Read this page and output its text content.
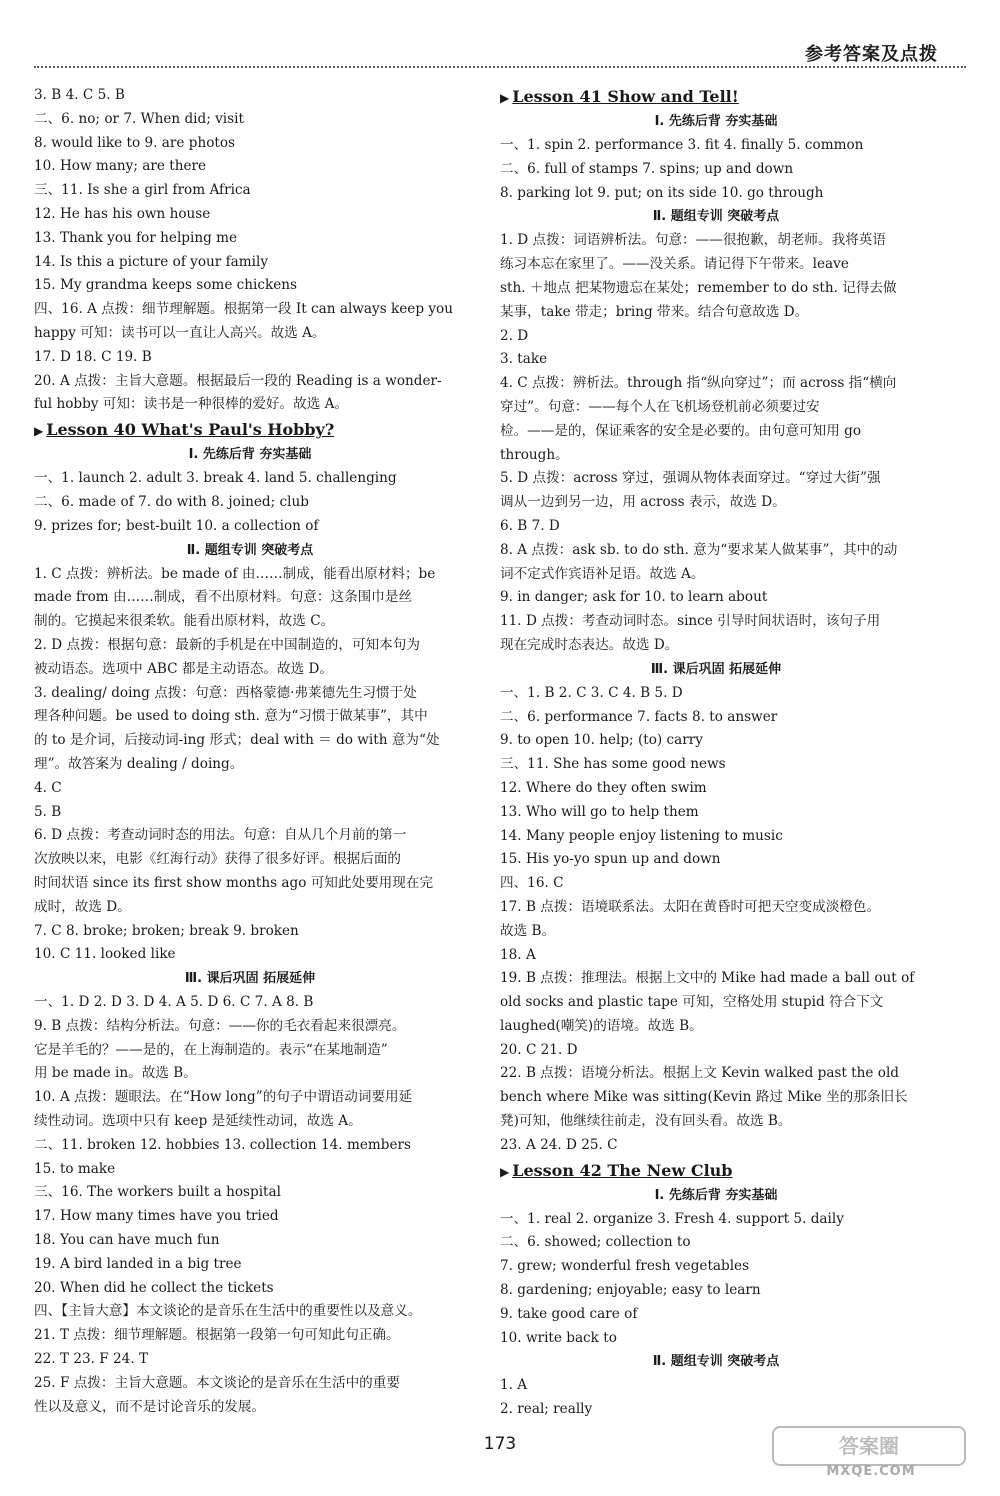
参考答案及点拨
3. B 4. C 5. B
二、6. no; or 7. When did; visit
8. would like to 9. are photos
10. How many; are there
三、11. Is she a girl from Africa
12. He has his own house
13. Thank you for helping me
14. Is this a picture of your family
15. My grandma keeps some chickens
四、16. A 点拨：细节理解题。根据第一段 It can always keep you
happy 可知：读书可以一直让人高兴。故选 A。
17. D 18. C 19. B
20. A 点拨：主旨大意题。根据最后一段的 Reading is a wonder-
ful hobby 可知：读书是一种很棒的爱好。故选 A。
▶ Lesson 40 What's Paul's Hobby?
Ⅰ. 先练后背 夯实基础
一、1. launch 2. adult 3. break 4. land 5. challenging
二、6. made of 7. do with 8. joined; club
9. prizes for; best-built 10. a collection of
Ⅱ. 题组专训 突破考点
1. C 点拨：辨析法。be made of 由……制成，能看出原材料；be
made from 由……制成，看不出原材料。句意：这条围巾是丝
制的。它摸起来很柔软。能看出原材料，故选 C。
2. D 点拨：根据句意：最新的手机是在中国制造的，可知本句为
被动语态。选项中 ABC 都是主动语态。故选 D。
3. dealing/ doing 点拨：句意：西格蒙德·弗莱德先生习惯于处
理各种问题。be used to doing sth. 意为“习惯于做某事”，其中
的 to 是介词，后接动词-ing 形式；deal with ＝ do with 意为“处
理”。故答案为 dealing / doing。
4. C
5. B
6. D 点拨：考查动词时态的用法。句意：自从几个月前的第一
次放映以来，电影《红海行动》获得了很多好评。根据后面的
时间状语 since its first show months ago 可知此处要用现在完
成时，故选 D。
7. C 8. broke; broken; break 9. broken
10. C 11. looked like
Ⅲ. 课后巩固 拓展延伸
一、1. D 2. D 3. D 4. A 5. D 6. C 7. A 8. B
9. B 点拨：结构分析法。句意：——你的毛衣看起来很漂亮。
它是羊毛的？——是的，在上海制造的。表示“在某地制造”
用 be made in。故选 B。
10. A 点拨：题眼法。在“How long”的句子中谓语动词要用延
续性动词。选项中只有 keep 是延续性动词，故选 A。
二、11. broken 12. hobbies 13. collection 14. members
15. to make
三、16. The workers built a hospital
17. How many times have you tried
18. You can have much fun
19. A bird landed in a big tree
20. When did he collect the tickets
四、【主旨大意】本文谈论的是音乐在生活中的重要性以及意义。
21. T 点拨：细节理解题。根据第一段第一句可知此句正确。
22. T 23. F 24. T
25. F 点拨：主旨大意题。本文谈论的是音乐在生活中的重要
性以及意义，而不是讨论音乐的发展。
▶ Lesson 41 Show and Tell!
Ⅰ. 先练后背 夯实基础
一、1. spin 2. performance 3. fit 4. finally 5. common
二、6. full of stamps 7. spins; up and down
8. parking lot 9. put; on its side 10. go through
Ⅱ. 题组专训 突破考点
1. D 点拨：词语辨析法。句意：——很抱歉，胡老师。我将英语
练习本忘在家里了。——没关系。请记得下午带来。leave
sth. ＋地点 把某物遗忘在某处；remember to do sth. 记得去做
某事，take 带走；bring 带来。结合句意故选 D。
2. D
3. take
4. C 点拨：辨析法。through 指“纵向穿过”；而 across 指“横向
穿过”。句意：——每个人在飞机场登机前必须要过安
检。——是的，保证乘客的安全是必要的。由句意可知用 go
through。
5. D 点拨：across 穿过，强调从物体表面穿过。“穿过大街”强
调从一边到另一边，用 across 表示，故选 D。
6. B 7. D
8. A 点拨：ask sb. to do sth. 意为“要求某人做某事”，其中的动
词不定式作宾语补足语。故选 A。
9. in danger; ask for 10. to learn about
11. D 点拨：考查动词时态。since 引导时间状语时，该句子用
现在完成时态表达。故选 D。
Ⅲ. 课后巩固 拓展延伸
一、1. B 2. C 3. C 4. B 5. D
二、6. performance 7. facts 8. to answer
9. to open 10. help; (to) carry
三、11. She has some good news
12. Where do they often swim
13. Who will go to help them
14. Many people enjoy listening to music
15. His yo-yo spun up and down
四、16. C
17. B 点拨：语境联系法。太阳在黄昏时可把天空变成淡橙色。
故选 B。
18. A
19. B 点拨：推理法。根据上文中的 Mike had made a ball out of
old socks and plastic tape 可知，空格处用 stupid 符合下文
laughed(嘲笑)的语境。故选 B。
20. C 21. D
22. B 点拨：语境分析法。根据上文 Kevin walked past the old
bench where Mike was sitting(Kevin 路过 Mike 坐的那条旧长
凳)可知，他继续往前走，没有回头看。故选 B。
23. A 24. D 25. C
▶ Lesson 42 The New Club
Ⅰ. 先练后背 夯实基础
一、1. real 2. organize 3. Fresh 4. support 5. daily
二、6. showed; collection to
7. grew; wonderful fresh vegetables
8. gardening; enjoyable; easy to learn
9. take good care of
10. write back to
Ⅱ. 题组专训 突破考点
1. A
2. real; really
173	答案圈
MXQE.COM
